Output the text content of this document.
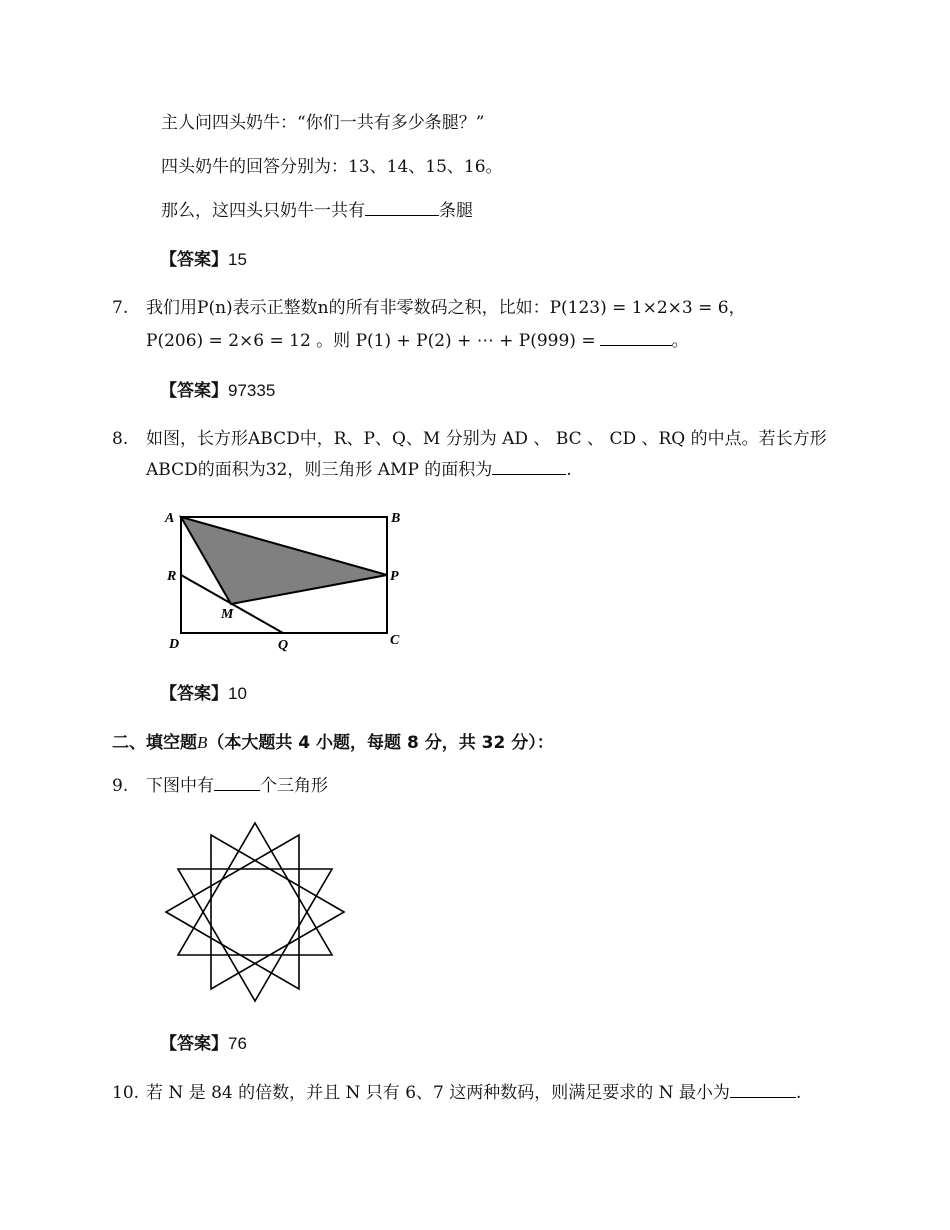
主人问四头奶牛：“你们一共有多少条腿？”
四头奶牛的回答分别为：13、14、15、16。
那么，这四头只奶牛一共有	条腿
【答案】15
7. 我们用P(n)表示正整数n的所有非零数码之积，比如：P(123) = 1×2×3 = 6，
P(206) = 2×6 = 12 。则 P(1) + P(2) + ⋯ + P(999) =	。
【答案】97335
8. 如图，长方形ABCD中，R、P、Q、M 分别为 AD 、 BC 、 CD 、RQ 的中点。若长方形
ABCD的面积为32，则三角形 AMP 的面积为	.
A	B
R	P
M
D	Q	C
【答案】10
二、填空题B（本大题共 4 小题，每题 8 分，共 32 分）：
9. 下图中有	个三角形
【答案】76
10. 若 N 是 84 的倍数，并且 N 只有 6、7 这两种数码，则满足要求的 N 最小为	.
